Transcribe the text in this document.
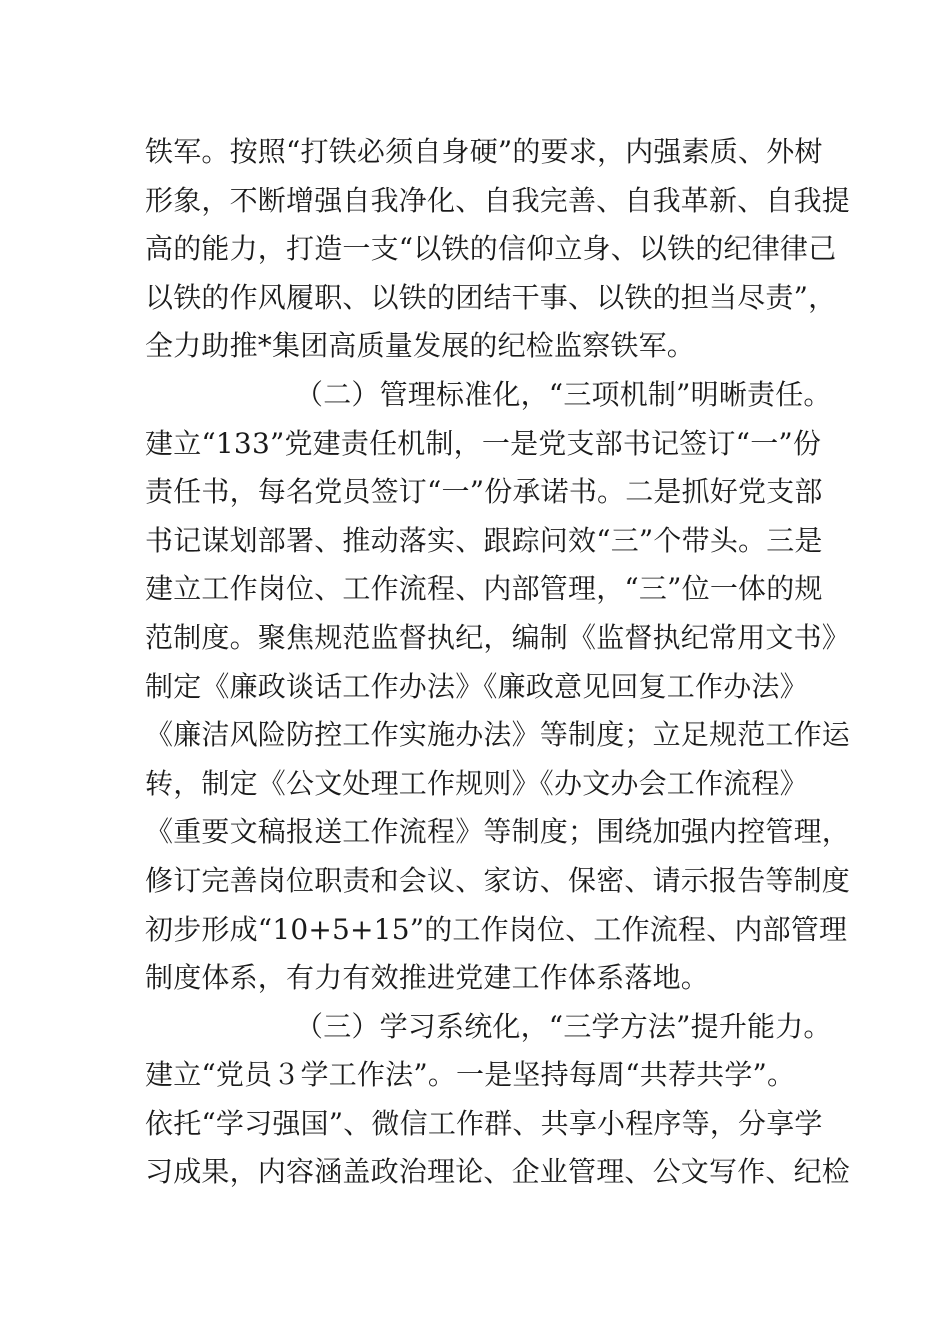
铁军。按照“打铁必须自身硬”的要求，内强素质、外树
形象，不断增强自我净化、自我完善、自我革新、自我提
高的能力，打造一支“以铁的信仰立身、以铁的纪律律己
以铁的作风履职、以铁的团结干事、以铁的担当尽责”，
全力助推*集团高质量发展的纪检监察铁军。
（二）管理标准化，“三项机制”明晰责任。
建立“133”党建责任机制，一是党支部书记签订“一”份
责任书，每名党员签订“一”份承诺书。二是抓好党支部
书记谋划部署、推动落实、跟踪问效“三”个带头。三是
建立工作岗位、工作流程、内部管理，“三”位一体的规
范制度。聚焦规范监督执纪，编制《监督执纪常用文书》
制定《廉政谈话工作办法》《廉政意见回复工作办法》
《廉洁风险防控工作实施办法》等制度；立足规范工作运
转，制定《公文处理工作规则》《办文办会工作流程》
《重要文稿报送工作流程》等制度；围绕加强内控管理，
修订完善岗位职责和会议、家访、保密、请示报告等制度
初步形成“10+5+15”的工作岗位、工作流程、内部管理
制度体系，有力有效推进党建工作体系落地。
（三）学习系统化，“三学方法”提升能力。
建立“党员３学工作法”。一是坚持每周“共荐共学”。
依托“学习强国”、微信工作群、共享小程序等，分享学
习成果，内容涵盖政治理论、企业管理、公文写作、纪检
